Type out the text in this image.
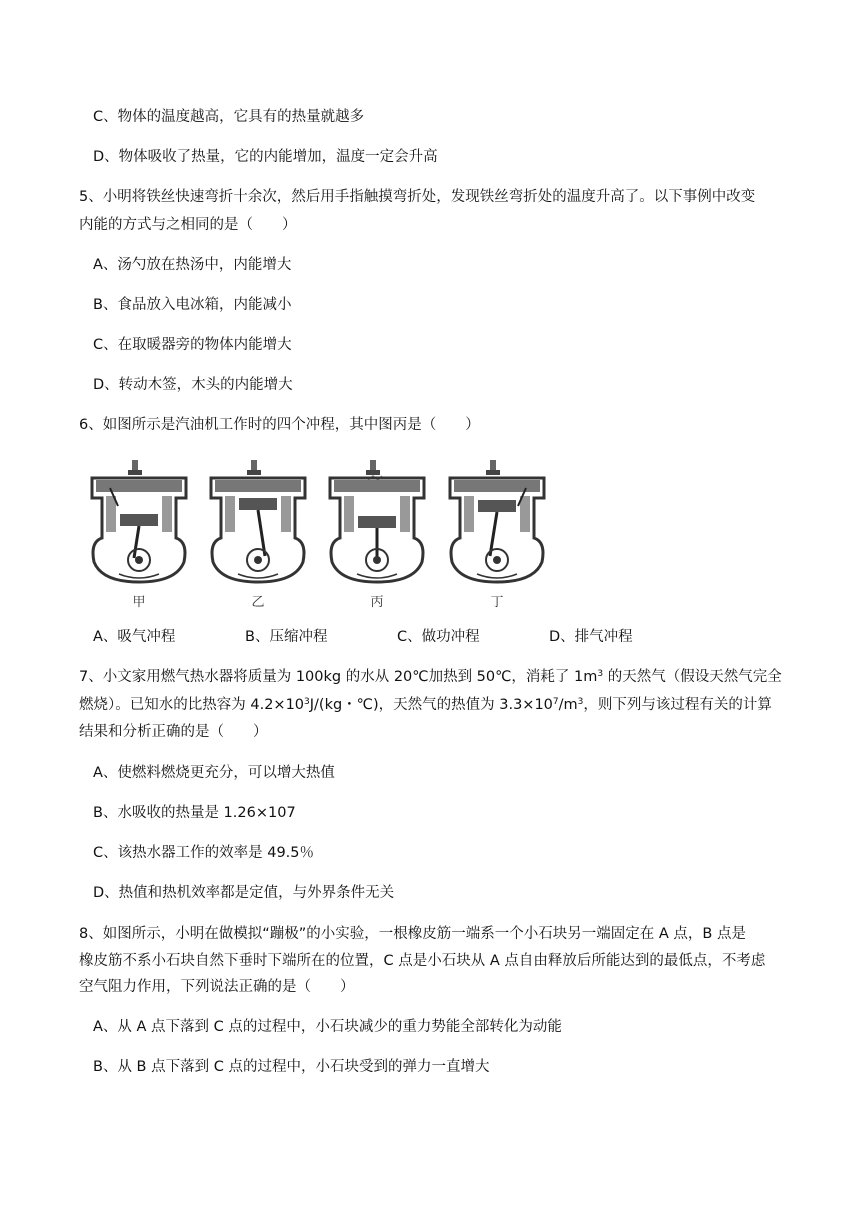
C、物体的温度越高，它具有的热量就越多
D、物体吸收了热量，它的内能增加，温度一定会升高
5、小明将铁丝快速弯折十余次，然后用手指触摸弯折处，发现铁丝弯折处的温度升高了。以下事例中改变
内能的方式与之相同的是（　　）
A、汤勺放在热汤中，内能增大
B、食品放入电冰箱，内能减小
C、在取暖器旁的物体内能增大
D、转动木签，木头的内能增大
6、如图所示是汽油机工作时的四个冲程，其中图丙是（　　）
甲	乙	丙	丁
A、吸气冲程	B、压缩冲程	C、做功冲程	D、排气冲程
7、小文家用燃气热水器将质量为 100kg 的水从 20℃加热到 50℃，消耗了 $1m^3$ 的天然气（假设天然气完全
燃烧）。已知水的比热容为 $4.2\times 10^3J/(kg$・℃)，天然气的热值为 $3.3\times 10^7/m^3$，则下列与该过程有关的计算
结果和分析正确的是（　　）
A、使燃料燃烧更充分，可以增大热值
B、水吸收的热量是 1.26×107
C、该热水器工作的效率是 49.5％
D、热值和热机效率都是定值，与外界条件无关
8、如图所示，小明在做模拟“蹦极”的小实验，一根橡皮筋一端系一个小石块另一端固定在 A 点，B 点是
橡皮筋不系小石块自然下垂时下端所在的位置，C 点是小石块从 A 点自由释放后所能达到的最低点，不考虑
空气阻力作用，下列说法正确的是（　　）
A、从 A 点下落到 C 点的过程中，小石块减少的重力势能全部转化为动能
B、从 B 点下落到 C 点的过程中，小石块受到的弹力一直增大
